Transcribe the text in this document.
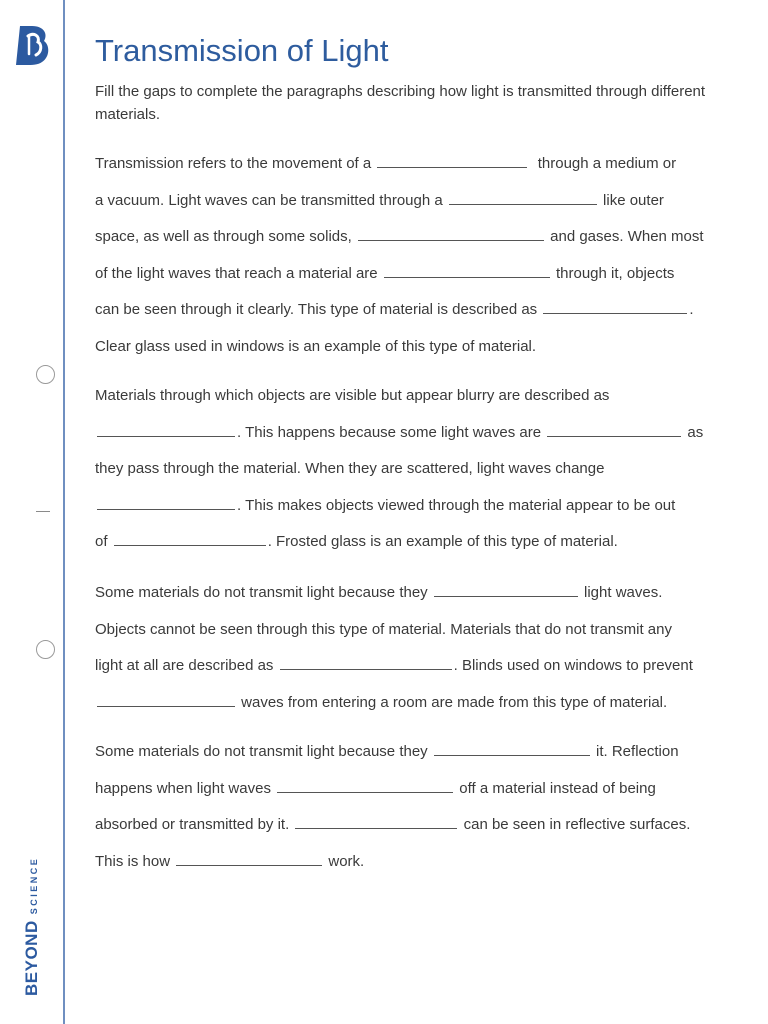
BEYONDSCIENCE
Transmission of Light

Fill the gaps to complete the paragraphs describing how light is transmitted through different materials.

Transmission refers to the movement of a	through a medium or
a vacuum. Light waves can be transmitted through a	like outer
space, as well as through some solids,	and gases. When most
of the light waves that reach a material are	through it, objects
can be seen through it clearly. This type of material is described as	.
Clear glass used in windows is an example of this type of material.
Materials through which objects are visible but appear blurry are described as
. This happens because some light waves are	as
they pass through the material. When they are scattered, light waves change
. This makes objects viewed through the material appear to be out
of	. Frosted glass is an example of this type of material.
Some materials do not transmit light because they	light waves.
Objects cannot be seen through this type of material. Materials that do not transmit any
light at all are described as	. Blinds used on windows to prevent
waves from entering a room are made from this type of material.
Some materials do not transmit light because they	it. Reflection
happens when light waves	off a material instead of being
absorbed or transmitted by it.	can be seen in reflective surfaces.
This is how	work.
